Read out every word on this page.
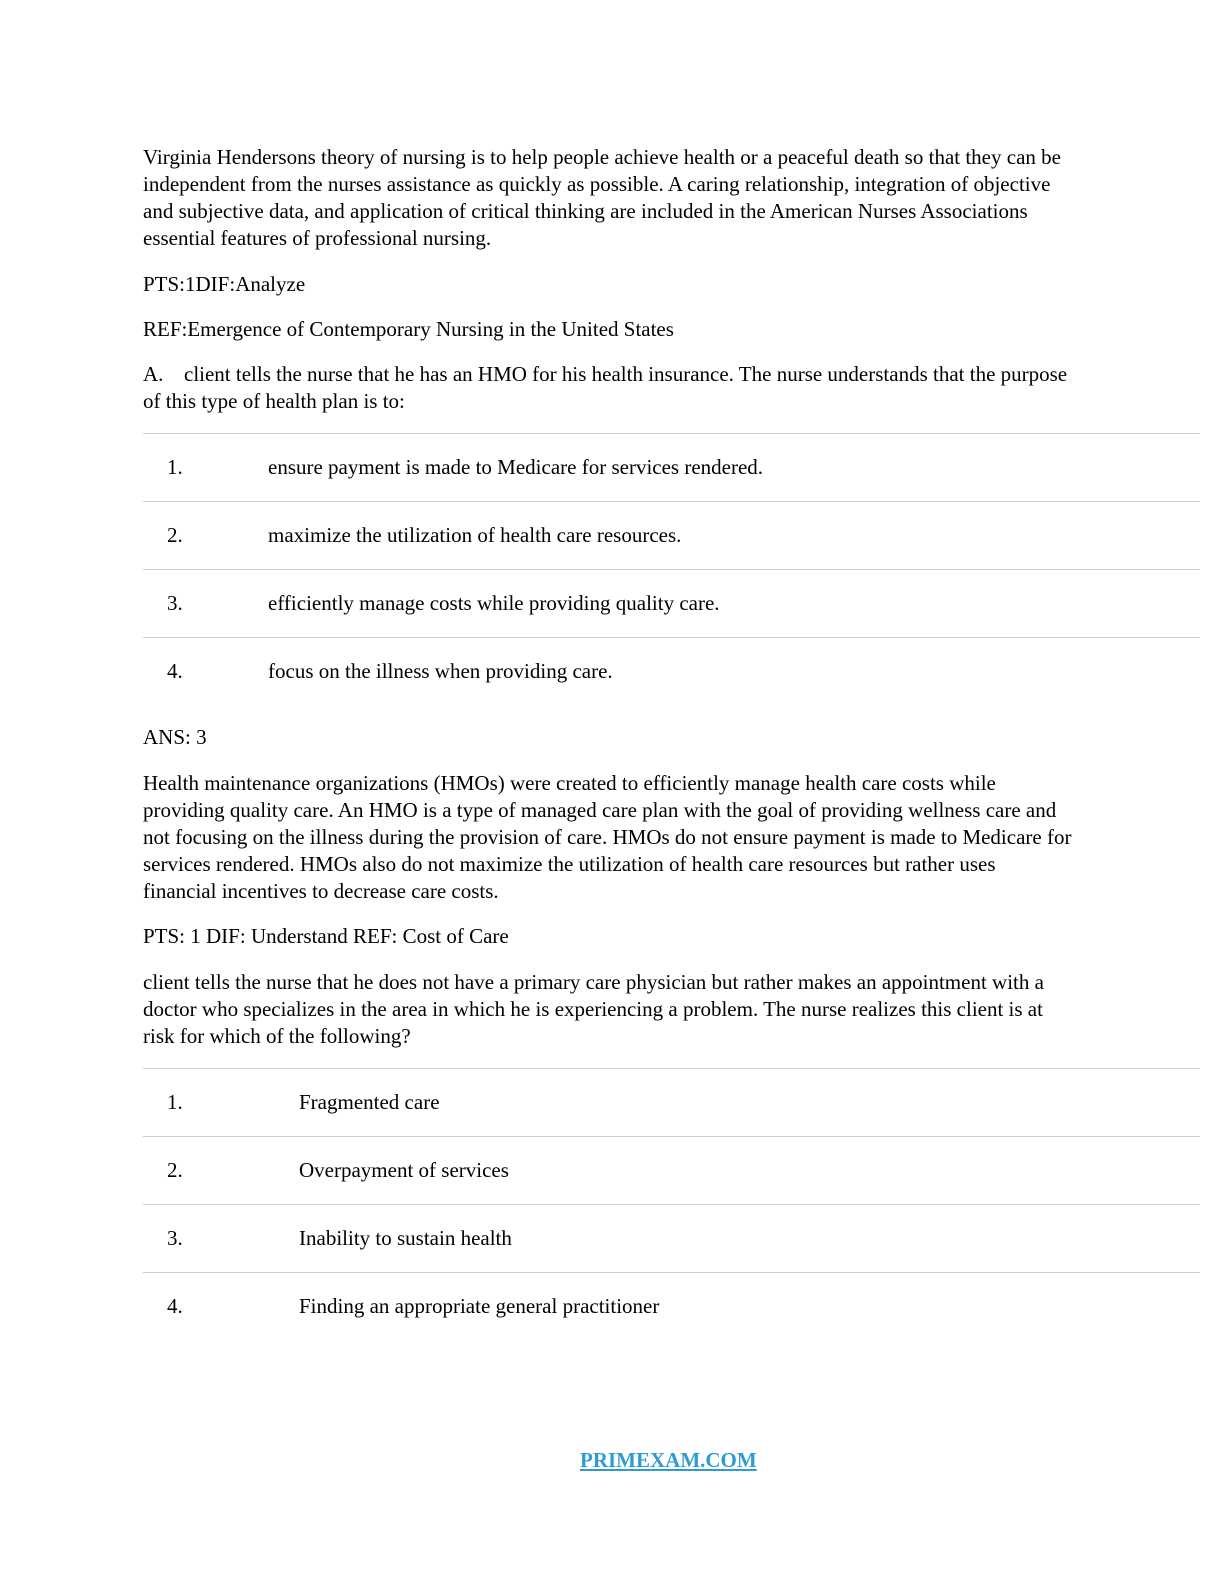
Virginia Hendersons theory of nursing is to help people achieve health or a peaceful death so that they can be independent from the nurses assistance as quickly as possible. A caring relationship, integration of objective and subjective data, and application of critical thinking are included in the American Nurses Associations essential features of professional nursing.

PTS:1DIF:Analyze

REF:Emergence of Contemporary Nursing in the United States

A. client tells the nurse that he has an HMO for his health insurance. The nurse understands that the purpose of this type of health plan is to:

1.	ensure payment is made to Medicare for services rendered.
2.	maximize the utilization of health care resources.
3.	efficiently manage costs while providing quality care.
4.	focus on the illness when providing care.

ANS: 3

Health maintenance organizations (HMOs) were created to efficiently manage health care costs while providing quality care. An HMO is a type of managed care plan with the goal of providing wellness care and not focusing on the illness during the provision of care. HMOs do not ensure payment is made to Medicare for services rendered. HMOs also do not maximize the utilization of health care resources but rather uses financial incentives to decrease care costs.

PTS: 1 DIF: Understand REF: Cost of Care

client tells the nurse that he does not have a primary care physician but rather makes an appointment with a doctor who specializes in the area in which he is experiencing a problem. The nurse realizes this client is at risk for which of the following?

1.	Fragmented care
2.	Overpayment of services
3.	Inability to sustain health
4.	Finding an appropriate general practitioner
PRIMEXAM.COM
